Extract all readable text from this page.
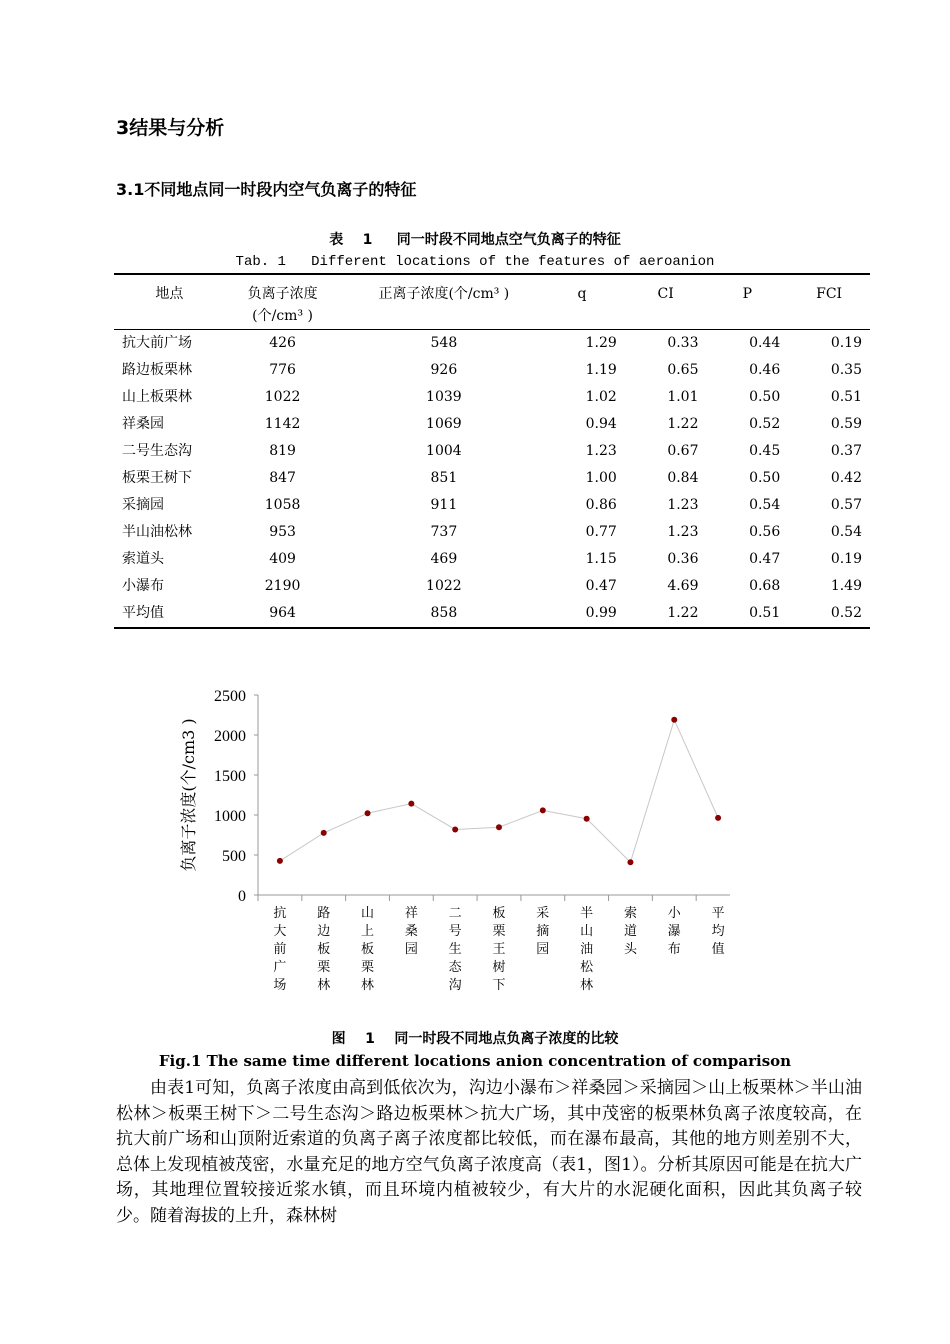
3结果与分析
3.1不同地点同一时段内空气负离子的特征
表    1     同一时段不同地点空气负离子的特征
Tab. 1   Different locations of the features of aeroanion
地点	负离子浓度(个/cm³ )	正离子浓度(个/cm³ )	q	CI	P	FCI
抗大前广场	426	548	1.29	0.33	0.44	0.19
路边板栗林	776	926	1.19	0.65	0.46	0.35
山上板栗林	1022	1039	1.02	1.01	0.50	0.51
祥桑园	1142	1069	0.94	1.22	0.52	0.59
二号生态沟	819	1004	1.23	0.67	0.45	0.37
板栗王树下	847	851	1.00	0.84	0.50	0.42
采摘园	1058	911	0.86	1.23	0.54	0.57
半山油松林	953	737	0.77	1.23	0.56	0.54
索道头	409	469	1.15	0.36	0.47	0.19
小瀑布	2190	1022	0.47	4.69	0.68	1.49
平均值	964	858	0.99	1.22	0.51	0.52
0
500
1000
1500
2000
2500
抗大前广场
路边板栗林
山上板栗林
祥桑园
二号生态沟
板栗王树下
采摘园
半山油松林
索道头
小瀑布
平均值
负离子浓度(个/cm3 )
图    1    同一时段不同地点负离子浓度的比较
Fig.1 The same time different locations anion concentration of comparison
由表1可知，负离子浓度由高到低依次为，沟边小瀑布＞祥桑园＞采摘园＞山上板栗林＞半山油松林＞板栗王树下＞二号生态沟＞路边板栗林＞抗大广场，其中茂密的板栗林负离子浓度较高，在抗大前广场和山顶附近索道的负离子离子浓度都比较低，而在瀑布最高，其他的地方则差别不大，总体上发现植被茂密，水量充足的地方空气负离子浓度高（表1，图1）。分析其原因可能是在抗大广场，其地理位置较接近浆水镇，而且环境内植被较少，有大片的水泥硬化面积，因此其负离子较少。随着海拔的上升，森林树
